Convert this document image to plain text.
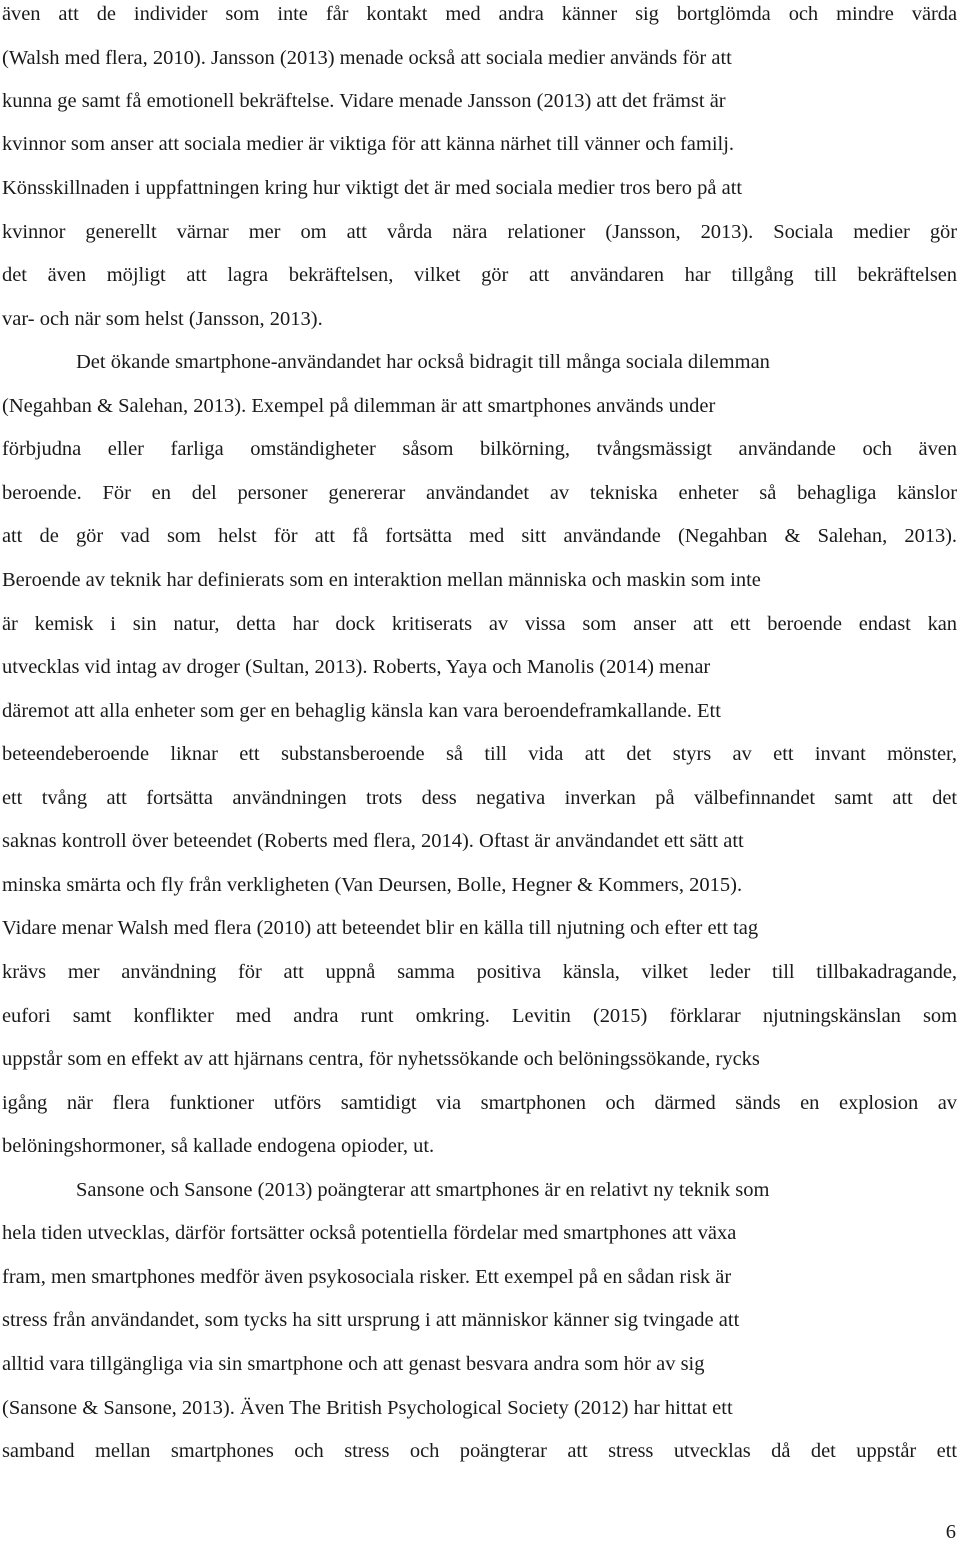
även att de individer som inte får kontakt med andra känner sig bortglömda och mindre värda
(Walsh med flera, 2010). Jansson (2013) menade också att sociala medier används för att
kunna ge samt få emotionell bekräftelse. Vidare menade Jansson (2013) att det främst är
kvinnor som anser att sociala medier är viktiga för att känna närhet till vänner och familj.
Könsskillnaden i uppfattningen kring hur viktigt det är med sociala medier tros bero på att
kvinnor generellt värnar mer om att vårda nära relationer (Jansson, 2013). Sociala medier gör
det även möjligt att lagra bekräftelsen, vilket gör att användaren har tillgång till bekräftelsen
var- och när som helst (Jansson, 2013).
Det ökande smartphone-användandet har också bidragit till många sociala dilemman
(Negahban & Salehan, 2013). Exempel på dilemman är att smartphones används under
förbjudna eller farliga omständigheter såsom bilkörning, tvångsmässigt användande och även
beroende. För en del personer genererar användandet av tekniska enheter så behagliga känslor
att de gör vad som helst för att få fortsätta med sitt användande (Negahban & Salehan, 2013).
Beroende av teknik har definierats som en interaktion mellan människa och maskin som inte
är kemisk i sin natur, detta har dock kritiserats av vissa som anser att ett beroende endast kan
utvecklas vid intag av droger (Sultan, 2013). Roberts, Yaya och Manolis (2014) menar
däremot att alla enheter som ger en behaglig känsla kan vara beroendeframkallande. Ett
beteendeberoende liknar ett substansberoende så till vida att det styrs av ett invant mönster,
ett tvång att fortsätta användningen trots dess negativa inverkan på välbefinnandet samt att det
saknas kontroll över beteendet (Roberts med flera, 2014). Oftast är användandet ett sätt att
minska smärta och fly från verkligheten (Van Deursen, Bolle, Hegner & Kommers, 2015).
Vidare menar Walsh med flera (2010) att beteendet blir en källa till njutning och efter ett tag
krävs mer användning för att uppnå samma positiva känsla, vilket leder till tillbakadragande,
eufori samt konflikter med andra runt omkring. Levitin (2015) förklarar njutningskänslan som
uppstår som en effekt av att hjärnans centra, för nyhetssökande och belöningssökande, rycks
igång när flera funktioner utförs samtidigt via smartphonen och därmed sänds en explosion av
belöningshormoner, så kallade endogena opioder, ut.
Sansone och Sansone (2013) poängterar att smartphones är en relativt ny teknik som
hela tiden utvecklas, därför fortsätter också potentiella fördelar med smartphones att växa
fram, men smartphones medför även psykosociala risker. Ett exempel på en sådan risk är
stress från användandet, som tycks ha sitt ursprung i att människor känner sig tvingade att
alltid vara tillgängliga via sin smartphone och att genast besvara andra som hör av sig
(Sansone & Sansone, 2013). Även The British Psychological Society (2012) har hittat ett
samband mellan smartphones och stress och poängterar att stress utvecklas då det uppstår ett
6
